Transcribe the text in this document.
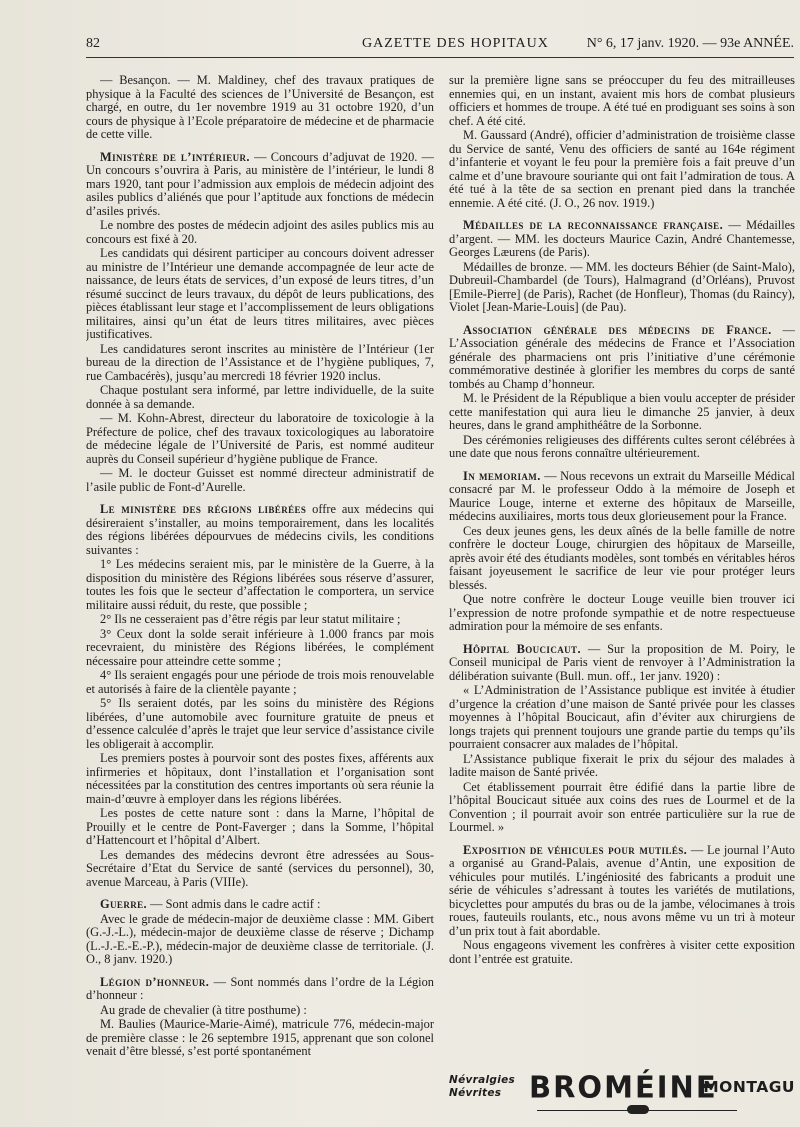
82	GAZETTE DES HOPITAUX	N° 6, 17 janv. 1920. — 93e ANNÉE.

— Besançon. — M. Maldiney, chef des travaux pratiques de physique à la Faculté des sciences de l’Université de Besançon, est chargé, en outre, du 1er novembre 1919 au 31 octobre 1920, d’un cours de physique à l’Ecole préparatoire de médecine et de pharmacie de cette ville.

Ministère de l’intérieur. — Concours d’adjuvat de 1920. — Un concours s’ouvrira à Paris, au ministère de l’intérieur, le lundi 8 mars 1920, tant pour l’admission aux emplois de médecin adjoint des asiles publics d’aliénés que pour l’aptitude aux fonctions de médecin d’asiles privés.

Le nombre des postes de médecin adjoint des asiles publics mis au concours est fixé à 20.

Les candidats qui désirent participer au concours doivent adresser au ministre de l’Intérieur une demande accompagnée de leur acte de naissance, de leurs états de services, d’un exposé de leurs titres, d’un résumé succinct de leurs travaux, du dépôt de leurs publications, des pièces établissant leur stage et l’accomplissement de leurs obligations militaires, ainsi qu’un état de leurs titres militaires, avec pièces justificatives.

Les candidatures seront inscrites au ministère de l’Intérieur (1er bureau de la direction de l’Assistance et de l’hygiène publiques, 7, rue Cambacérès), jusqu’au mercredi 18 février 1920 inclus.

Chaque postulant sera informé, par lettre individuelle, de la suite donnée à sa demande.

— M. Kohn-Abrest, directeur du laboratoire de toxicologie à la Préfecture de police, chef des travaux toxicologiques au laboratoire de médecine légale de l’Université de Paris, est nommé auditeur auprès du Conseil supérieur d’hygiène publique de France.

— M. le docteur Guisset est nommé directeur administratif de l’asile public de Font-d’Aurelle.

Le ministère des régions libérées offre aux médecins qui désireraient s’installer, au moins temporairement, dans les localités des régions libérées dépourvues de médecins civils, les conditions suivantes :

1° Les médecins seraient mis, par le ministère de la Guerre, à la disposition du ministère des Régions libérées sous réserve d’assurer, toutes les fois que le secteur d’affectation le comportera, un service militaire aussi réduit, du reste, que possible ;

2° Ils ne cesseraient pas d’être régis par leur statut militaire ;

3° Ceux dont la solde serait inférieure à 1.000 francs par mois recevraient, du ministère des Régions libérées, le complément nécessaire pour atteindre cette somme ;

4° Ils seraient engagés pour une période de trois mois renouvelable et autorisés à faire de la clientèle payante ;

5° Ils seraient dotés, par les soins du ministère des Régions libérées, d’une automobile avec fourniture gratuite de pneus et d’essence calculée d’après le trajet que leur service d’assistance civile les obligerait à accomplir.

Les premiers postes à pourvoir sont des postes fixes, afférents aux infirmeries et hôpitaux, dont l’installation et l’organisation sont nécessitées par la constitution des centres importants où sera réunie la main-d’œuvre à employer dans les régions libérées.

Les postes de cette nature sont : dans la Marne, l’hôpital de Prouilly et le centre de Pont-Faverger ; dans la Somme, l’hôpital d’Hattencourt et l’hôpital d’Albert.

Les demandes des médecins devront être adressées au Sous-Secrétaire d’Etat du Service de santé (services du personnel), 30, avenue Marceau, à Paris (VIIIe).

Guerre. — Sont admis dans le cadre actif :

Avec le grade de médecin-major de deuxième classe : MM. Gibert (G.-J.-L.), médecin-major de deuxième classe de réserve ; Dichamp (L.-J.-E.-E.-P.), médecin-major de deuxième classe de territoriale. (J. O., 8 janv. 1920.)

Légion d’honneur. — Sont nommés dans l’ordre de la Légion d’honneur :

Au grade de chevalier (à titre posthume) :

M. Baulies (Maurice-Marie-Aimé), matricule 776, médecin-major de première classe : le 26 septembre 1915, apprenant que son colonel venait d’être blessé, s’est porté spontanément

sur la première ligne sans se préoccuper du feu des mitrailleuses ennemies qui, en un instant, avaient mis hors de combat plusieurs officiers et hommes de troupe. A été tué en prodiguant ses soins à son chef. A été cité.

M. Gaussard (André), officier d’administration de troisième classe du Service de santé, Venu des officiers de santé au 164e régiment d’infanterie et voyant le feu pour la première fois a fait preuve d’un calme et d’une bravoure souriante qui ont fait l’admiration de tous. A été tué à la tête de sa section en prenant pied dans la tranchée ennemie. A été cité. (J. O., 26 nov. 1919.)

Médailles de la reconnaissance française. — Médailles d’argent. — MM. les docteurs Maurice Cazin, André Chantemesse, Georges Læurens (de Paris).

Médailles de bronze. — MM. les docteurs Béhier (de Saint-Malo), Dubreuil-Chambardel (de Tours), Halmagrand (d’Orléans), Pruvost [Emile-Pierre] (de Paris), Rachet (de Honfleur), Thomas (du Raincy), Violet [Jean-Marie-Louis] (de Pau).

Association générale des médecins de France. — L’Association générale des médecins de France et l’Association générale des pharmaciens ont pris l’initiative d’une cérémonie commémorative destinée à glorifier les membres du corps de santé tombés au Champ d’honneur.

M. le Président de la République a bien voulu accepter de présider cette manifestation qui aura lieu le dimanche 25 janvier, à deux heures, dans le grand amphithéâtre de la Sorbonne.

Des cérémonies religieuses des différents cultes seront célébrées à une date que nous ferons connaître ultérieurement.

In memoriam. — Nous recevons un extrait du Marseille Médical consacré par M. le professeur Oddo à la mémoire de Joseph et Maurice Louge, interne et externe des hôpitaux de Marseille, médecins auxiliaires, morts tous deux glorieusement pour la France.

Ces deux jeunes gens, les deux aînés de la belle famille de notre confrère le docteur Louge, chirurgien des hôpitaux de Marseille, après avoir été des étudiants modèles, sont tombés en véritables héros faisant joyeusement le sacrifice de leur vie pour protéger leurs blessés.

Que notre confrère le docteur Louge veuille bien trouver ici l’expression de notre profonde sympathie et de notre respectueuse admiration pour la mémoire de ses enfants.

Hôpital Boucicaut. — Sur la proposition de M. Poiry, le Conseil municipal de Paris vient de renvoyer à l’Administration la délibération suivante (Bull. mun. off., 1er janv. 1920) :

« L’Administration de l’Assistance publique est invitée à étudier d’urgence la création d’une maison de Santé privée pour les classes moyennes à l’hôpital Boucicaut, afin d’éviter aux chirurgiens de longs trajets qui prennent toujours une grande partie du temps qu’ils pourraient consacrer aux malades de l’hôpital.

L’Assistance publique fixerait le prix du séjour des malades à ladite maison de Santé privée.

Cet établissement pourrait être édifié dans la partie libre de l’hôpital Boucicaut située aux coins des rues de Lourmel et de la Convention ; il pourrait avoir son entrée particulière sur la rue de Lourmel. »

Exposition de véhicules pour mutilés. — Le journal l’Auto a organisé au Grand-Palais, avenue d’Antin, une exposition de véhicules pour mutilés. L’ingéniosité des fabricants a produit une série de véhicules s’adressant à toutes les variétés de mutilations, bicyclettes pour amputés du bras ou de la jambe, vélocimanes à trois roues, fauteuils roulants, etc., nous avons même vu un tri à moteur d’un prix tout à fait abordable.

Nous engageons vivement les confrères à visiter cette exposition dont l’entrée est gratuite.

Névralgies
Névrites BROMÉINE
MONTAGU
